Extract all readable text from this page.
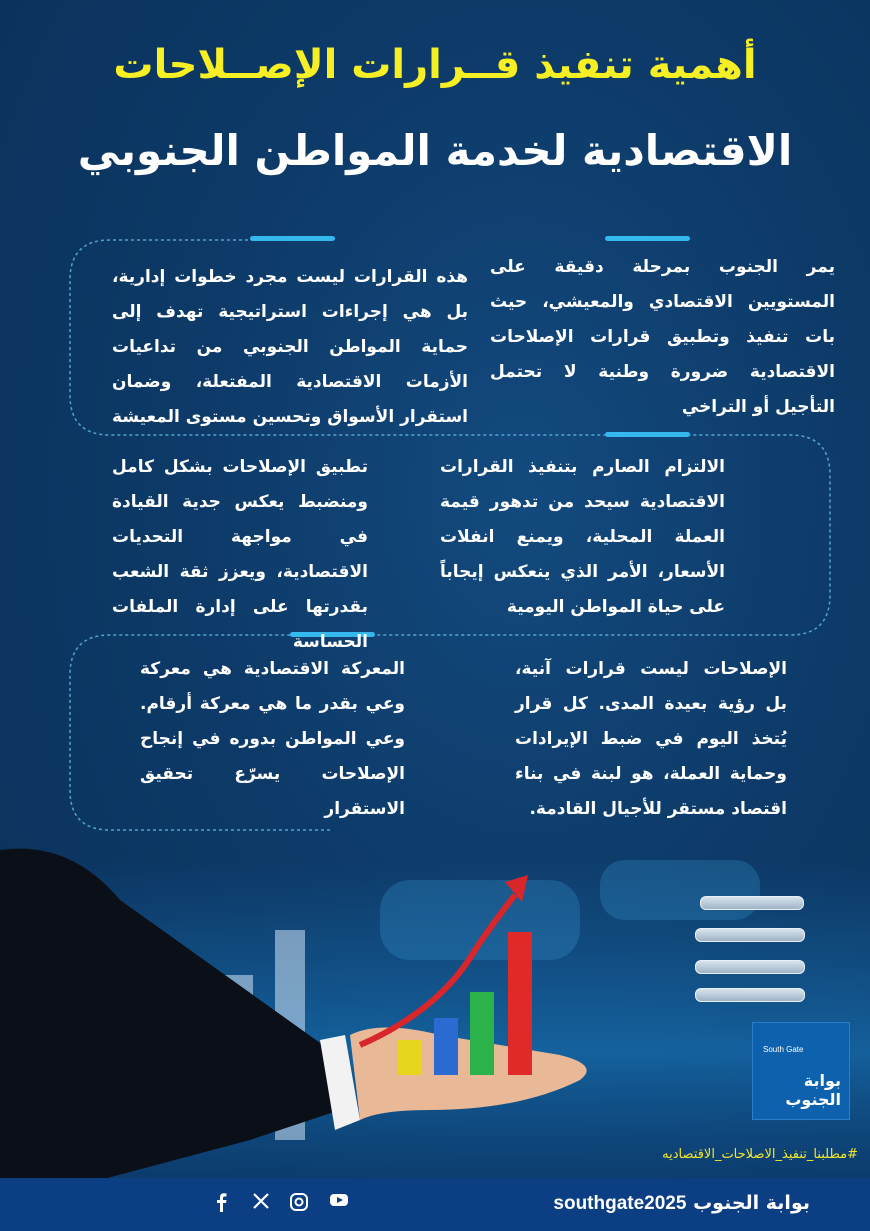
أهمية تنفيذ قــرارات الإصــلاحات
الاقتصادية لخدمة المواطن الجنوبي
يمر الجنوب بمرحلة دقيقة على المستويين الاقتصادي والمعيشي، حيث بات تنفيذ وتطبيق قرارات الإصلاحات الاقتصادية ضرورة وطنية لا تحتمل التأجيل أو التراخي
هذه القرارات ليست مجرد خطوات إدارية، بل هي إجراءات استراتيجية تهدف إلى حماية المواطن الجنوبي من تداعيات الأزمات الاقتصادية المفتعلة، وضمان استقرار الأسواق وتحسين مستوى المعيشة
الالتزام الصارم بتنفيذ القرارات الاقتصادية سيحد من تدهور قيمة العملة المحلية، ويمنع انفلات الأسعار، الأمر الذي ينعكس إيجاباً على حياة المواطن اليومية
تطبيق الإصلاحات بشكل كامل ومنضبط يعكس جدية القيادة في مواجهة التحديات الاقتصادية، ويعزز ثقة الشعب بقدرتها على إدارة الملفات الحساسة
الإصلاحات ليست قرارات آنية، بل رؤية بعيدة المدى. كل قرار يُتخذ اليوم في ضبط الإيرادات وحماية العملة، هو لبنة في بناء اقتصاد مستقر للأجيال القادمة.
المعركة الاقتصادية هي معركة وعي بقدر ما هي معركة أرقام. وعي المواطن بدوره في إنجاح الإصلاحات يسرّع تحقيق الاستقرار
South Gate
بوابة الجنوب
#مطلبنا_تنفيذ_الاصلاحات_الاقتصاديه
بوابة الجنوب southgate2025
